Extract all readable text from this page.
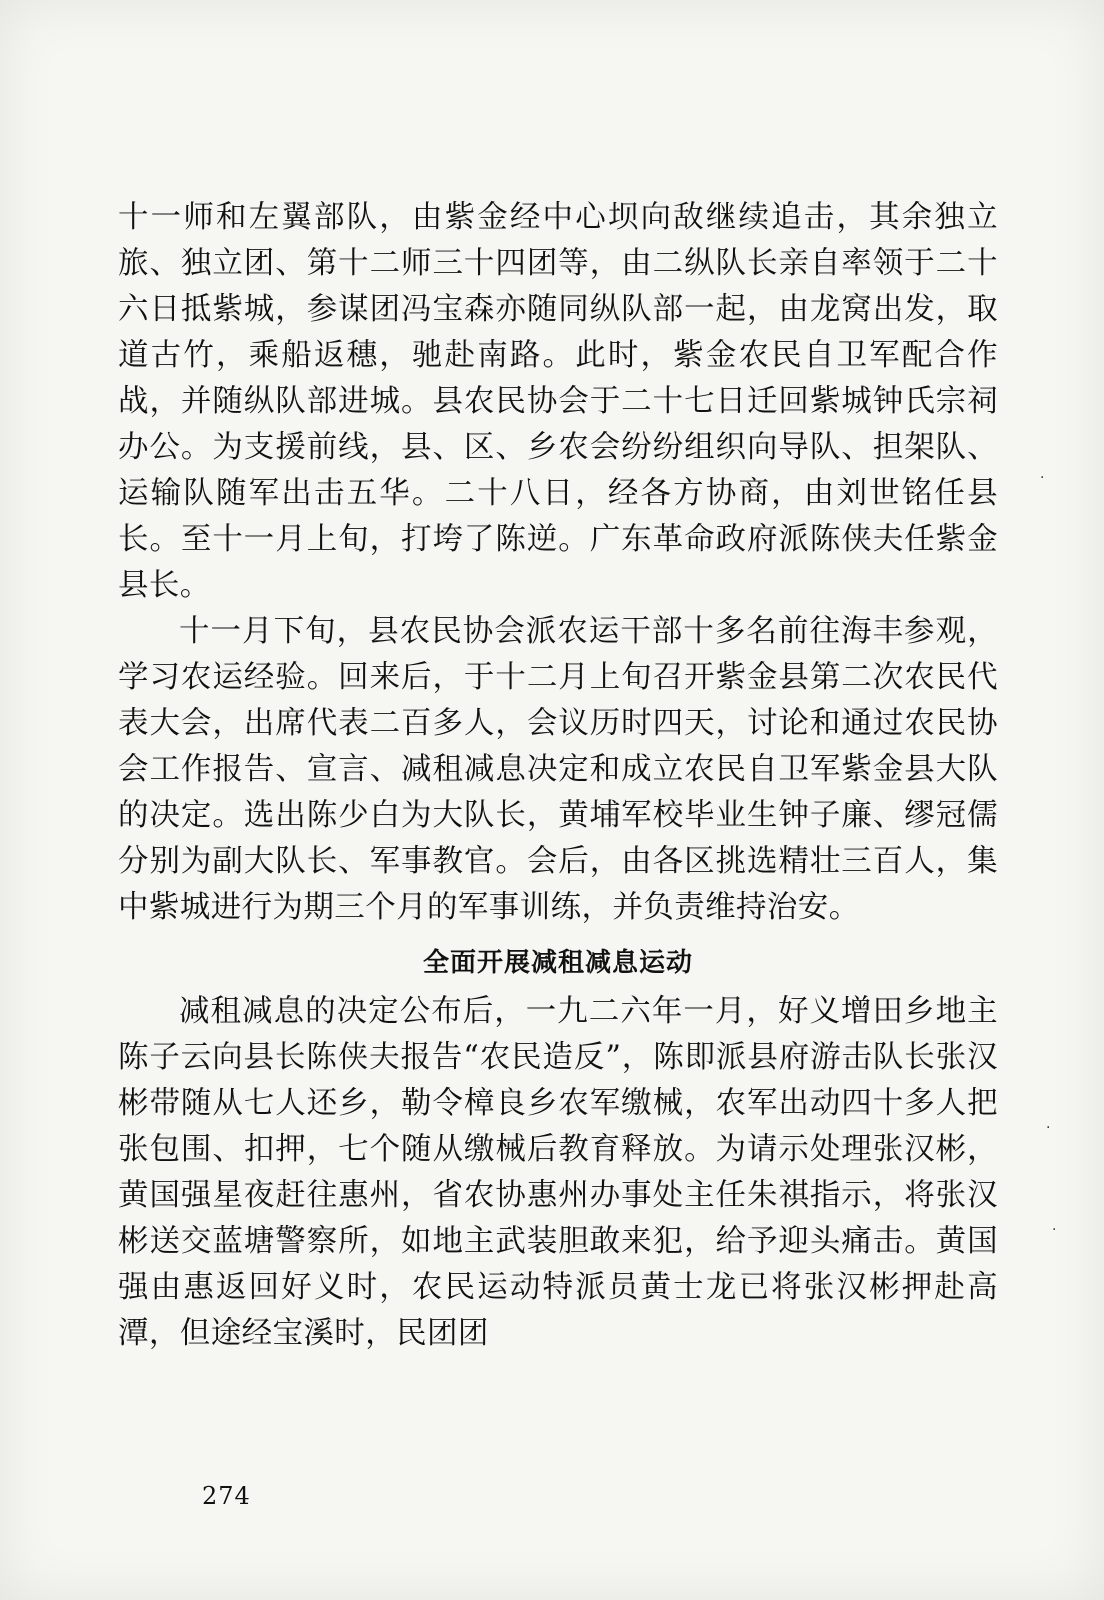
十一师和左翼部队，由紫金经中心坝向敌继续追击，其余独立旅、独立团、第十二师三十四团等，由二纵队长亲自率领于二十六日抵紫城，参谋团冯宝森亦随同纵队部一起，由龙窝出发，取道古竹，乘船返穗，驰赴南路。此时，紫金农民自卫军配合作战，并随纵队部进城。县农民协会于二十七日迁回紫城钟氏宗祠办公。为支援前线，县、区、乡农会纷纷组织向导队、担架队、运输队随军出击五华。二十八日，经各方协商，由刘世铭任县长。至十一月上旬，打垮了陈逆。广东革命政府派陈侠夫任紫金县长。

十一月下旬，县农民协会派农运干部十多名前往海丰参观，学习农运经验。回来后，于十二月上旬召开紫金县第二次农民代表大会，出席代表二百多人，会议历时四天，讨论和通过农民协会工作报告、宣言、减租减息决定和成立农民自卫军紫金县大队的决定。选出陈少白为大队长，黄埔军校毕业生钟子廉、缪冠儒分别为副大队长、军事教官。会后，由各区挑选精壮三百人，集中紫城进行为期三个月的军事训练，并负责维持治安。

全面开展减租减息运动

减租减息的决定公布后，一九二六年一月，好义增田乡地主陈子云向县长陈侠夫报告“农民造反”，陈即派县府游击队长张汉彬带随从七人还乡，勒令樟良乡农军缴械，农军出动四十多人把张包围、扣押，七个随从缴械后教育释放。为请示处理张汉彬，黄国强星夜赶往惠州，省农协惠州办事处主任朱祺指示，将张汉彬送交蓝塘警察所，如地主武装胆敢来犯，给予迎头痛击。黄国强由惠返回好义时，农民运动特派员黄士龙已将张汉彬押赴高潭，但途经宝溪时，民团团

274
·
·
·
